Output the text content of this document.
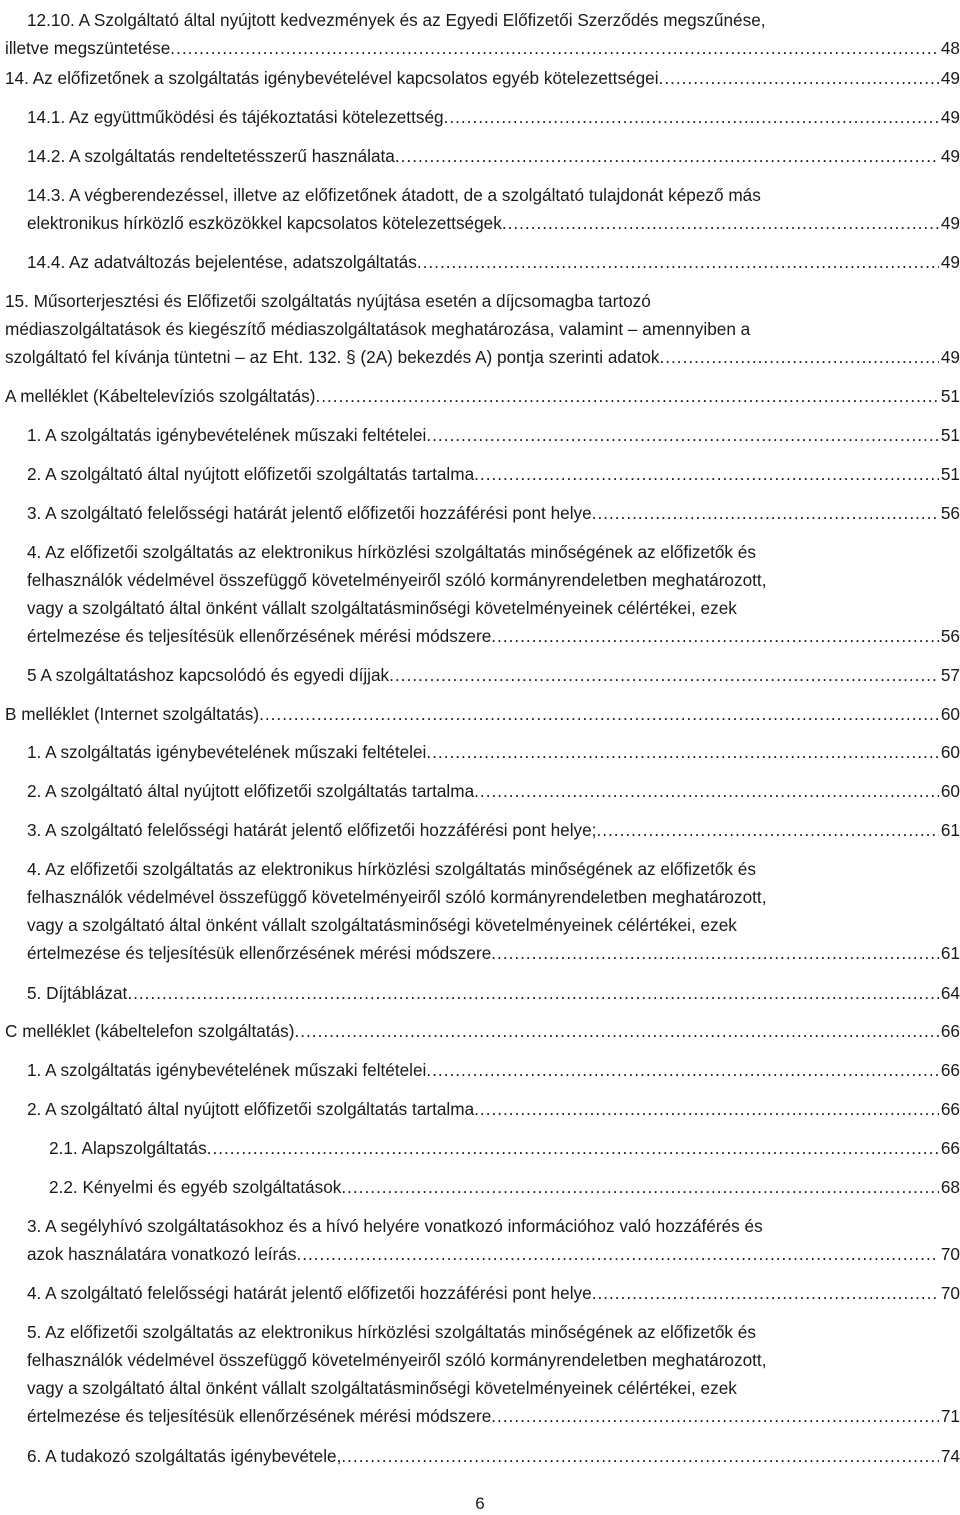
12.10. A Szolgáltató által nyújtott kedvezmények és az Egyedi Előfizetői Szerződés megszűnése,
illetve megszüntetése .....	48
14. Az előfizetőnek a szolgáltatás igénybevételével kapcsolatos egyéb kötelezettségei .....	49
14.1. Az együttműködési és tájékoztatási kötelezettség .....	49
14.2. A szolgáltatás rendeltetésszerű használata .....	49
14.3. A végberendezéssel, illetve az előfizetőnek átadott, de a szolgáltató tulajdonát képező más
elektronikus hírközlő eszközökkel kapcsolatos kötelezettségek .....	49
14.4. Az adatváltozás bejelentése, adatszolgáltatás .....	49
15. Műsorterjesztési és Előfizetői szolgáltatás nyújtása esetén a díjcsomagba tartozó
médiaszolgáltatások és kiegészítő médiaszolgáltatások meghatározása, valamint – amennyiben a
szolgáltató fel kívánja tüntetni – az Eht. 132. § (2A) bekezdés A) pontja szerinti adatok .....	49
A melléklet (Kábeltelevíziós szolgáltatás) .....	51
1. A szolgáltatás igénybevételének műszaki feltételei .....	51
2. A szolgáltató által nyújtott előfizetői szolgáltatás tartalma .....	51
3. A szolgáltató felelősségi határát jelentő előfizetői hozzáférési pont helye .....	56
4. Az előfizetői szolgáltatás az elektronikus hírközlési szolgáltatás minőségének az előfizetők és
felhasználók védelmével összefüggő követelményeiről szóló kormányrendeletben meghatározott,
vagy a szolgáltató által önként vállalt szolgáltatásminőségi követelményeinek célértékei, ezek
értelmezése és teljesítésük ellenőrzésének mérési módszere .....	56
5 A szolgáltatáshoz kapcsolódó és egyedi díjjak .....	57
B melléklet (Internet szolgáltatás) .....	60
1. A szolgáltatás igénybevételének műszaki feltételei .....	60
2. A szolgáltató által nyújtott előfizetői szolgáltatás tartalma .....	60
3. A szolgáltató felelősségi határát jelentő előfizetői hozzáférési pont helye; .....	61
4. Az előfizetői szolgáltatás az elektronikus hírközlési szolgáltatás minőségének az előfizetők és
felhasználók védelmével összefüggő követelményeiről szóló kormányrendeletben meghatározott,
vagy a szolgáltató által önként vállalt szolgáltatásminőségi követelményeinek célértékei, ezek
értelmezése és teljesítésük ellenőrzésének mérési módszere .....	61
5. Díjtáblázat .....	64
C melléklet (kábeltelefon szolgáltatás) .....	66
1. A szolgáltatás igénybevételének műszaki feltételei .....	66
2. A szolgáltató által nyújtott előfizetői szolgáltatás tartalma .....	66
2.1. Alapszolgáltatás .....	66
2.2. Kényelmi és egyéb szolgáltatások .....	68
3. A segélyhívó szolgáltatásokhoz és a hívó helyére vonatkozó információhoz való hozzáférés és
azok használatára vonatkozó leírás .....	70
4. A szolgáltató felelősségi határát jelentő előfizetői hozzáférési pont helye .....	70
5. Az előfizetői szolgáltatás az elektronikus hírközlési szolgáltatás minőségének az előfizetők és
felhasználók védelmével összefüggő követelményeiről szóló kormányrendeletben meghatározott,
vagy a szolgáltató által önként vállalt szolgáltatásminőségi követelményeinek célértékei, ezek
értelmezése és teljesítésük ellenőrzésének mérési módszere .....	71
6. A tudakozó szolgáltatás igénybevétele, .....	74
6
